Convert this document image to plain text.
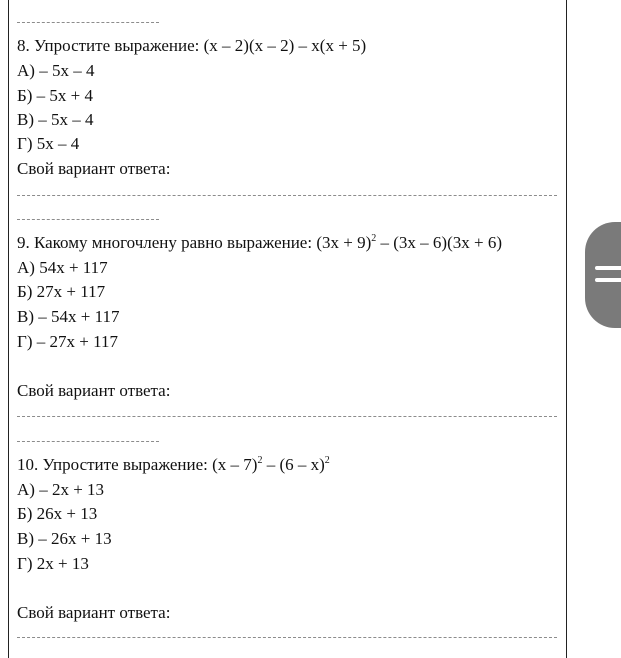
8. Упростите выражение: (x – 2)(x – 2) – x(x + 5)
А) – 5x – 4
Б) – 5x + 4
В) – 5x – 4
Г) 5x – 4
Свой вариант ответа:
9. Какому многочлену равно выражение: $(3x + 9)^2 - (3x - 6)(3x + 6)$
А) 54x + 117
Б) 27x + 117
В) – 54x + 117
Г) – 27x + 117
Свой вариант ответа:
10. Упростите выражение: (x – 7)$^2$ – (6 – x)$^2$
А) – 2x + 13
Б) 26x + 13
В) – 26x + 13
Г) 2x + 13
Свой вариант ответа:
